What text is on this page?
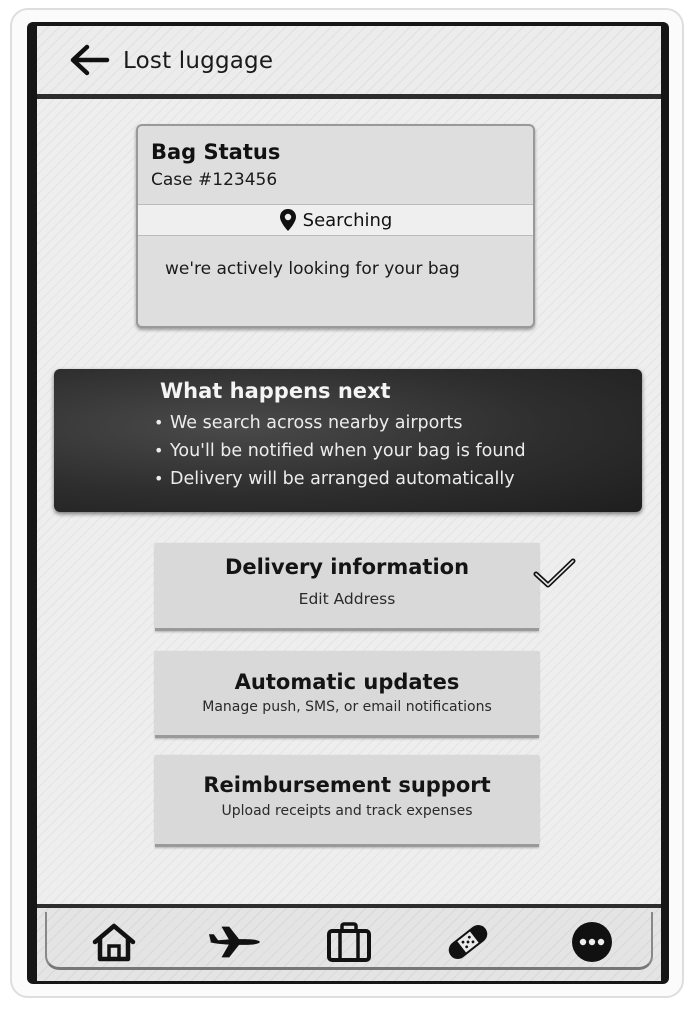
Lost luggage
Bag Status
Case #123456
Searching
we're actively looking for your bag
What happens next
• We search across nearby airports
• You'll be notified when your bag is found
• Delivery will be arranged automatically
Delivery information
Edit Address
Automatic updates
Manage push, SMS, or email notifications
Reimbursement support
Upload receipts and track expenses
